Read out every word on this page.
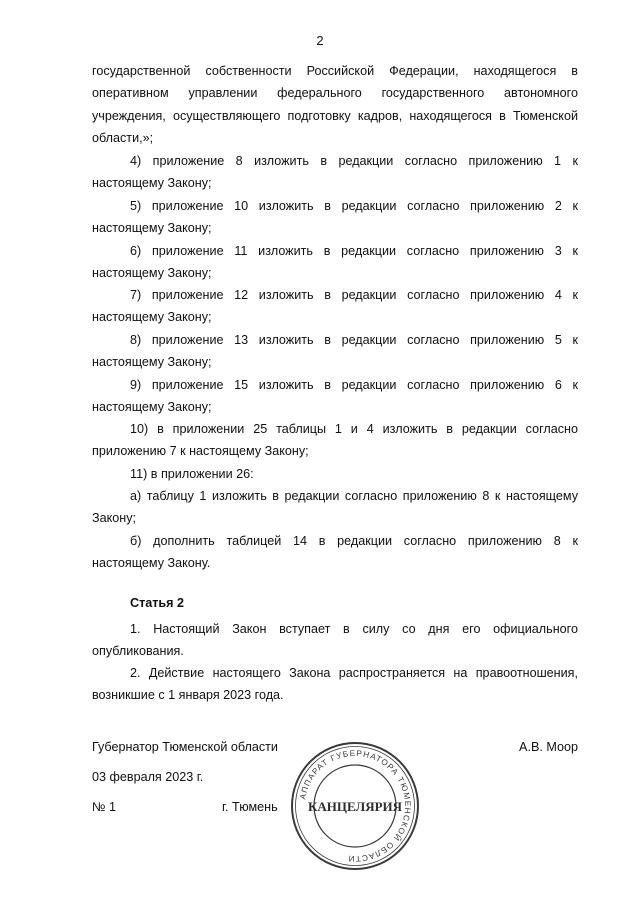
2
государственной собственности Российской Федерации, находящегося в оперативном управлении федерального государственного автономного учреждения, осуществляющего подготовку кадров, находящегося в Тюменской области,»;
4) приложение 8 изложить в редакции согласно приложению 1 к настоящему Закону;
5) приложение 10 изложить в редакции согласно приложению 2 к настоящему Закону;
6) приложение 11 изложить в редакции согласно приложению 3 к настоящему Закону;
7) приложение 12 изложить в редакции согласно приложению 4 к настоящему Закону;
8) приложение 13 изложить в редакции согласно приложению 5 к настоящему Закону;
9) приложение 15 изложить в редакции согласно приложению 6 к настоящему Закону;
10) в приложении 25 таблицы 1 и 4 изложить в редакции согласно приложению 7 к настоящему Закону;
11) в приложении 26:
а) таблицу 1 изложить в редакции согласно приложению 8 к настоящему Закону;
б) дополнить таблицей 14 в редакции согласно приложению 8 к настоящему Закону.
Статья 2
1. Настоящий Закон вступает в силу со дня его официального опубликования.
2. Действие настоящего Закона распространяется на правоотношения, возникшие с 1 января 2023 года.
Губернатор Тюменской области	А.В. Моор
03 февраля 2023 г.
№ 1	г. Тюмень
АППАРАТ ГУБЕРНАТОРА ТЮМЕНСКОЙ ОБЛАСТИ
КАНЦЕЛЯРИЯ
